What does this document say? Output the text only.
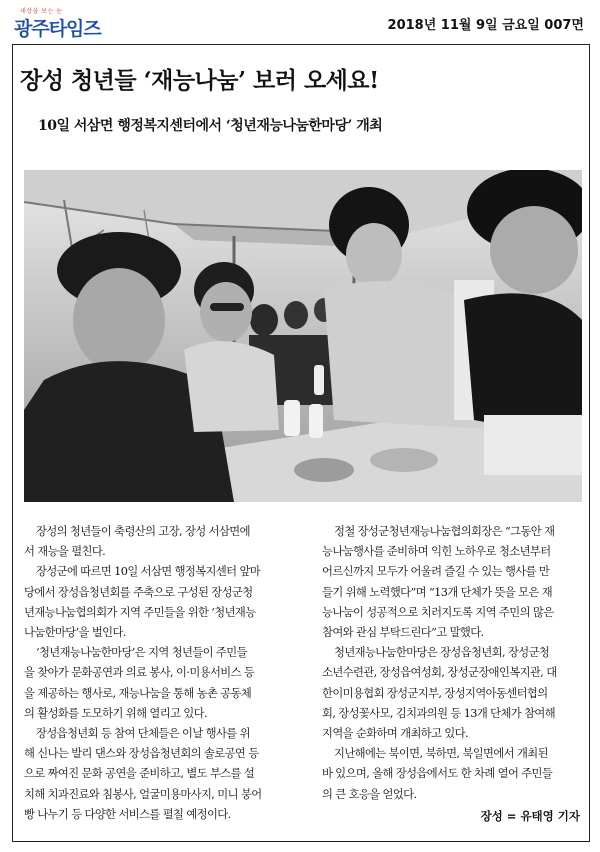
세상을 보는 눈
광주타임즈	2018년 11월 9일 금요일 007면
장성 청년들 ‘재능나눔’ 보러 오세요!
10일 서삼면 행정복지센터에서 ‘청년재능나눔한마당’ 개최

장성의 청년들이 축령산의 고장, 장성 서삼면에
서 재능을 펼친다.

장성군에 따르면 10일 서삼면 행정복지센터 앞마
당에서 장성읍청년회를 주축으로 구성된 장성군청
년재능나눔협의회가 지역 주민들을 위한 ‘청년재능
나눔한마당’을 벌인다.

‘청년재능나눔한마당’은 지역 청년들이 주민들
을 찾아가 문화공연과 의료 봉사, 이·미용서비스 등
을 제공하는 행사로, 재능나눔을 통해 농촌 공동체
의 활성화를 도모하기 위해 열리고 있다.

장성읍청년회 등 참여 단체들은 이날 행사를 위
해 신나는 발리 댄스와 장성읍청년회의 솔로공연 등
으로 짜여진 문화 공연을 준비하고, 별도 부스를 설
치해 치과진료와 침봉사, 얼굴미용마사지, 미니 붕어
빵 나누기 등 다양한 서비스를 펼칠 예정이다.

정철 장성군청년재능나눔협의회장은 “그동안 재
능나눔행사를 준비하며 익힌 노하우로 청소년부터
어르신까지 모두가 어울려 즐길 수 있는 행사를 만
들기 위해 노력했다”며 “13개 단체가 뜻을 모은 재
능나눔이 성공적으로 치러지도록 지역 주민의 많은
참여와 관심 부탁드린다”고 말했다.

청년재능나눔한마당은 장성읍청년회, 장성군청
소년수련관, 장성읍여성회, 장성군장애인복지관, 대
한이미용협회 장성군지부, 장성지역아동센터협의
회, 장성꽃사모, 김치과의원 등 13개 단체가 참여해
지역을 순화하며 개최하고 있다.

지난해에는 북이면, 북하면, 북일면에서 개최된
바 있으며, 올해 장성읍에서도 한 차례 열어 주민들
의 큰 호응을 얻었다.

장성 = 유태영 기자
